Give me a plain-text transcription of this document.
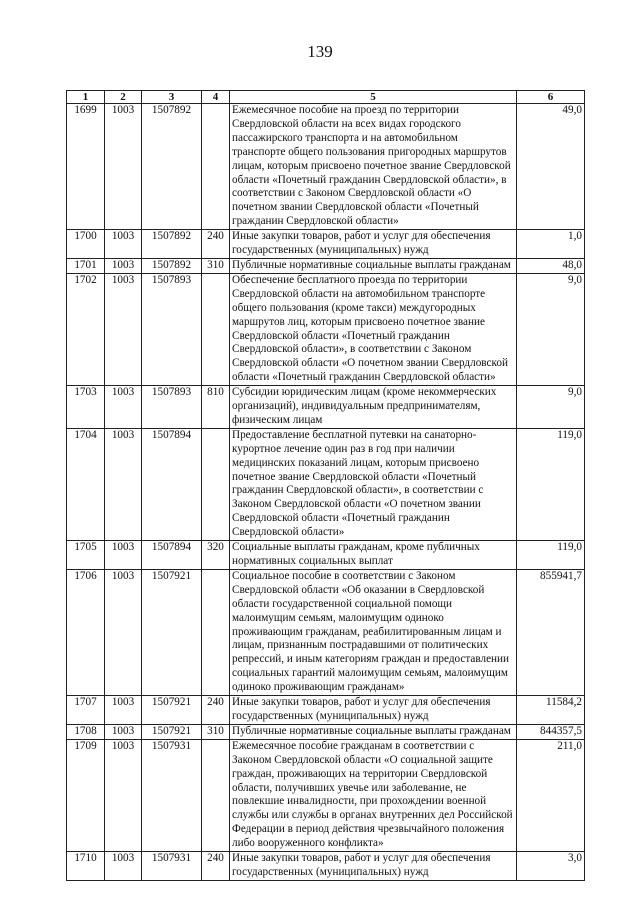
139
1	2	3	4	5	6
1699	1003	1507892		Ежемесячное пособие на проезд по территории Свердловской области на всех видах городского пассажирского транспорта и на автомобильном транспорте общего пользования пригородных маршрутов лицам, которым присвоено почетное звание Свердловской области «Почетный гражданин Свердловской области», в соответствии с Законом Свердловской области «О почетном звании Свердловской области «Почетный гражданин Свердловской области»	49,0
1700	1003	1507892	240	Иные закупки товаров, работ и услуг для обеспечения государственных (муниципальных) нужд	1,0
1701	1003	1507892	310	Публичные нормативные социальные выплаты гражданам	48,0
1702	1003	1507893		Обеспечение бесплатного проезда по территории Свердловской области на автомобильном транспорте общего пользования (кроме такси) междугородных маршрутов лиц, которым присвоено почетное звание Свердловской области «Почетный гражданин Свердловской области», в соответствии с Законом Свердловской области «О почетном звании Свердловской области «Почетный гражданин Свердловской области»	9,0
1703	1003	1507893	810	Субсидии юридическим лицам (кроме некоммерческих организаций), индивидуальным предпринимателям, физическим лицам	9,0
1704	1003	1507894		Предоставление бесплатной путевки на санаторно-курортное лечение один раз в год при наличии медицинских показаний лицам, которым присвоено почетное звание Свердловской области «Почетный гражданин Свердловской области», в соответствии с Законом Свердловской области «О почетном звании Свердловской области «Почетный гражданин Свердловской области»	119,0
1705	1003	1507894	320	Социальные выплаты гражданам, кроме публичных нормативных социальных выплат	119,0
1706	1003	1507921		Социальное пособие в соответствии с Законом Свердловской области «Об оказании в Свердловской области государственной социальной помощи малоимущим семьям, малоимущим одиноко проживающим гражданам, реабилитированным лицам и лицам, признанным пострадавшими от политических репрессий, и иным категориям граждан и предоставлении социальных гарантий малоимущим семьям, малоимущим одиноко проживающим гражданам»	855941,7
1707	1003	1507921	240	Иные закупки товаров, работ и услуг для обеспечения государственных (муниципальных) нужд	11584,2
1708	1003	1507921	310	Публичные нормативные социальные выплаты гражданам	844357,5
1709	1003	1507931		Ежемесячное пособие гражданам в соответствии с Законом Свердловской области «О социальной защите граждан, проживающих на территории Свердловской области, получивших увечье или заболевание, не повлекшие инвалидности, при прохождении военной службы или службы в органах внутренних дел Российской Федерации в период действия чрезвычайного положения либо вооруженного конфликта»	211,0
1710	1003	1507931	240	Иные закупки товаров, работ и услуг для обеспечения государственных (муниципальных) нужд	3,0
